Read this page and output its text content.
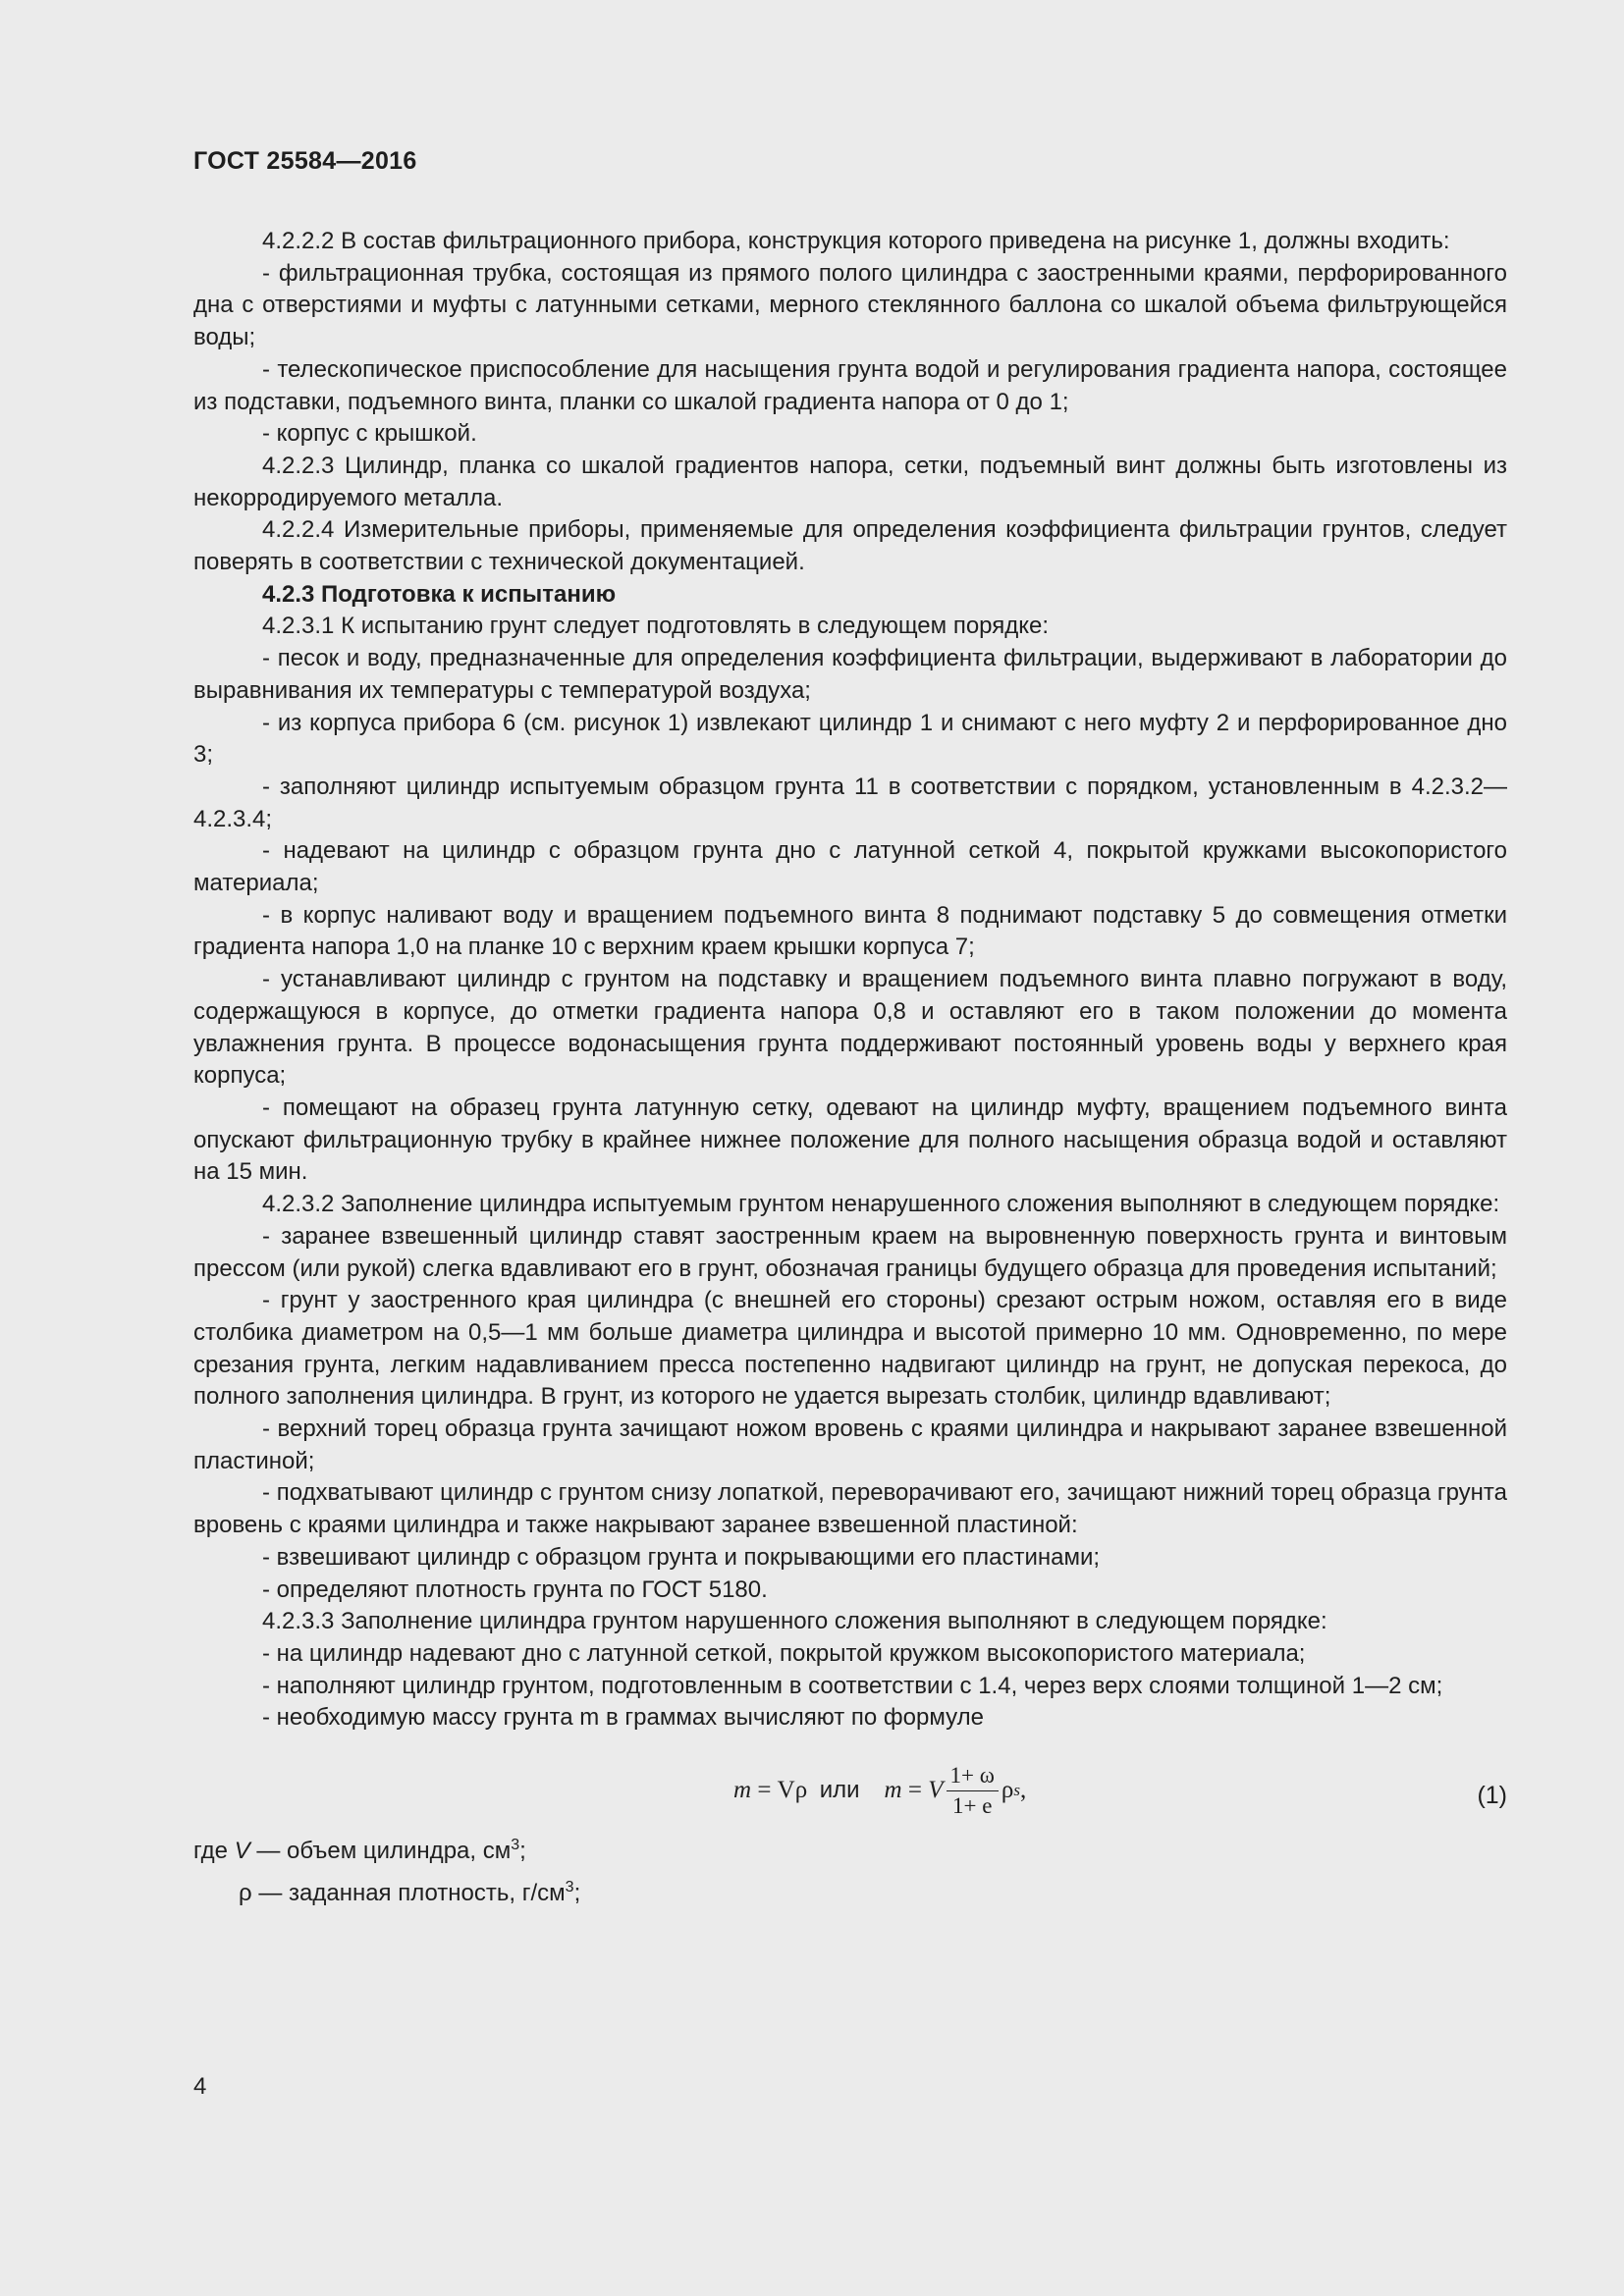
ГОСТ 25584—2016

4.2.2.2 В состав фильтрационного прибора, конструкция которого приведена на рисунке 1, должны входить:

- фильтрационная трубка, состоящая из прямого полого цилиндра с заостренными краями, перфорированного дна с отверстиями и муфты с латунными сетками, мерного стеклянного баллона со шкалой объема фильтрующейся воды;

- телескопическое приспособление для насыщения грунта водой и регулирования градиента напора, состоящее из подставки, подъемного винта, планки со шкалой градиента напора от 0 до 1;

- корпус с крышкой.

4.2.2.3 Цилиндр, планка со шкалой градиентов напора, сетки, подъемный винт должны быть изготовлены из некорродируемого металла.

4.2.2.4 Измерительные приборы, применяемые для определения коэффициента фильтрации грунтов, следует поверять в соответствии с технической документацией.

4.2.3 Подготовка к испытанию

4.2.3.1 К испытанию грунт следует подготовлять в следующем порядке:

- песок и воду, предназначенные для определения коэффициента фильтрации, выдерживают в лаборатории до выравнивания их температуры с температурой воздуха;

- из корпуса прибора 6 (см. рисунок 1) извлекают цилиндр 1 и снимают с него муфту 2 и перфорированное дно 3;

- заполняют цилиндр испытуемым образцом грунта 11 в соответствии с порядком, установленным в 4.2.3.2—4.2.3.4;

- надевают на цилиндр с образцом грунта дно с латунной сеткой 4, покрытой кружками высокопористого материала;

- в корпус наливают воду и вращением подъемного винта 8 поднимают подставку 5 до совмещения отметки градиента напора 1,0 на планке 10 с верхним краем крышки корпуса 7;

- устанавливают цилиндр с грунтом на подставку и вращением подъемного винта плавно погружают в воду, содержащуюся в корпусе, до отметки градиента напора 0,8 и оставляют его в таком положении до момента увлажнения грунта. В процессе водонасыщения грунта поддерживают постоянный уровень воды у верхнего края корпуса;

- помещают на образец грунта латунную сетку, одевают на цилиндр муфту, вращением подъемного винта опускают фильтрационную трубку в крайнее нижнее положение для полного насыщения образца водой и оставляют на 15 мин.

4.2.3.2 Заполнение цилиндра испытуемым грунтом ненарушенного сложения выполняют в следующем порядке:

- заранее взвешенный цилиндр ставят заостренным краем на выровненную поверхность грунта и винтовым прессом (или рукой) слегка вдавливают его в грунт, обозначая границы будущего образца для проведения испытаний;

- грунт у заостренного края цилиндра (с внешней его стороны) срезают острым ножом, оставляя его в виде столбика диаметром на 0,5—1 мм больше диаметра цилиндра и высотой примерно 10 мм. Одновременно, по мере срезания грунта, легким надавливанием пресса постепенно надвигают цилиндр на грунт, не допуская перекоса, до полного заполнения цилиндра. В грунт, из которого не удается вырезать столбик, цилиндр вдавливают;

- верхний торец образца грунта зачищают ножом вровень с краями цилиндра и накрывают заранее взвешенной пластиной;

- подхватывают цилиндр с грунтом снизу лопаткой, переворачивают его, зачищают нижний торец образца грунта вровень с краями цилиндра и также накрывают заранее взвешенной пластиной:

- взвешивают цилиндр с образцом грунта и покрывающими его пластинами;

- определяют плотность грунта по ГОСТ 5180.

4.2.3.3 Заполнение цилиндра грунтом нарушенного сложения выполняют в следующем порядке:

- на цилиндр надевают дно с латунной сеткой, покрытой кружком высокопористого материала;

- наполняют цилиндр грунтом, подготовленным в соответствии с 1.4, через верх слоями толщиной 1—2 см;

- необходимую массу грунта m в граммах вычисляют по формуле

m
=
V ρ
или
m
=
V $\frac{1+ \omega}{1+ e}$ ρ s ,	(1)
где V — объем цилиндра, $см^3$;
ρ — заданная плотность, $г/см^3$;
4
